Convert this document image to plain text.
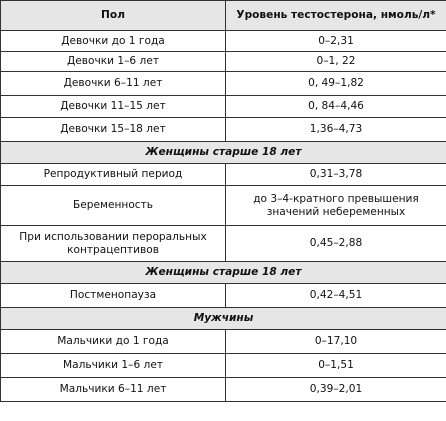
Пол	Уровень тестостерона, нмоль/л*
Девочки до 1 года	0–2,31
Девочки 1–6 лет	0–1, 22
Девочки 6–11 лет	0, 49–1,82
Девочки 11–15 лет	0, 84–4,46
Девочки 15–18 лет	1,36–4,73
Женщины старше 18 лет	
Репродуктивный период	0,31–3,78
Беременность	до 3–4-кратного превышения значений небеременных
При использовании пероральных контрацептивов	0,45–2,88
Женщины старше 18 лет	
Постменопауза	0,42–4,51
Мужчины	
Мальчики до 1 года	0–17,10
Мальчики 1–6 лет	0–1,51
Мальчики 6–11 лет	0,39–2,01
